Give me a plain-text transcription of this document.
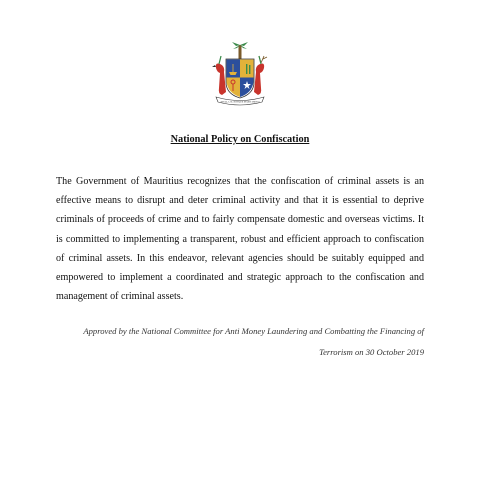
STELLA CLAVISQUE MARIS INDICI
National Policy on Confiscation

The Government of Mauritius recognizes that the confiscation of criminal assets is an effective means to disrupt and deter criminal activity and that it is essential to deprive criminals of proceeds of crime and to fairly compensate domestic and overseas victims. It is committed to implementing a transparent, robust and efficient approach to confiscation of criminal assets. In this endeavor, relevant agencies should be suitably equipped and empowered to implement a coordinated and strategic approach to the confiscation and management of criminal assets.

Approved by the National Committee for Anti Money Laundering and Combatting the Financing of Terrorism on 30 October 2019
